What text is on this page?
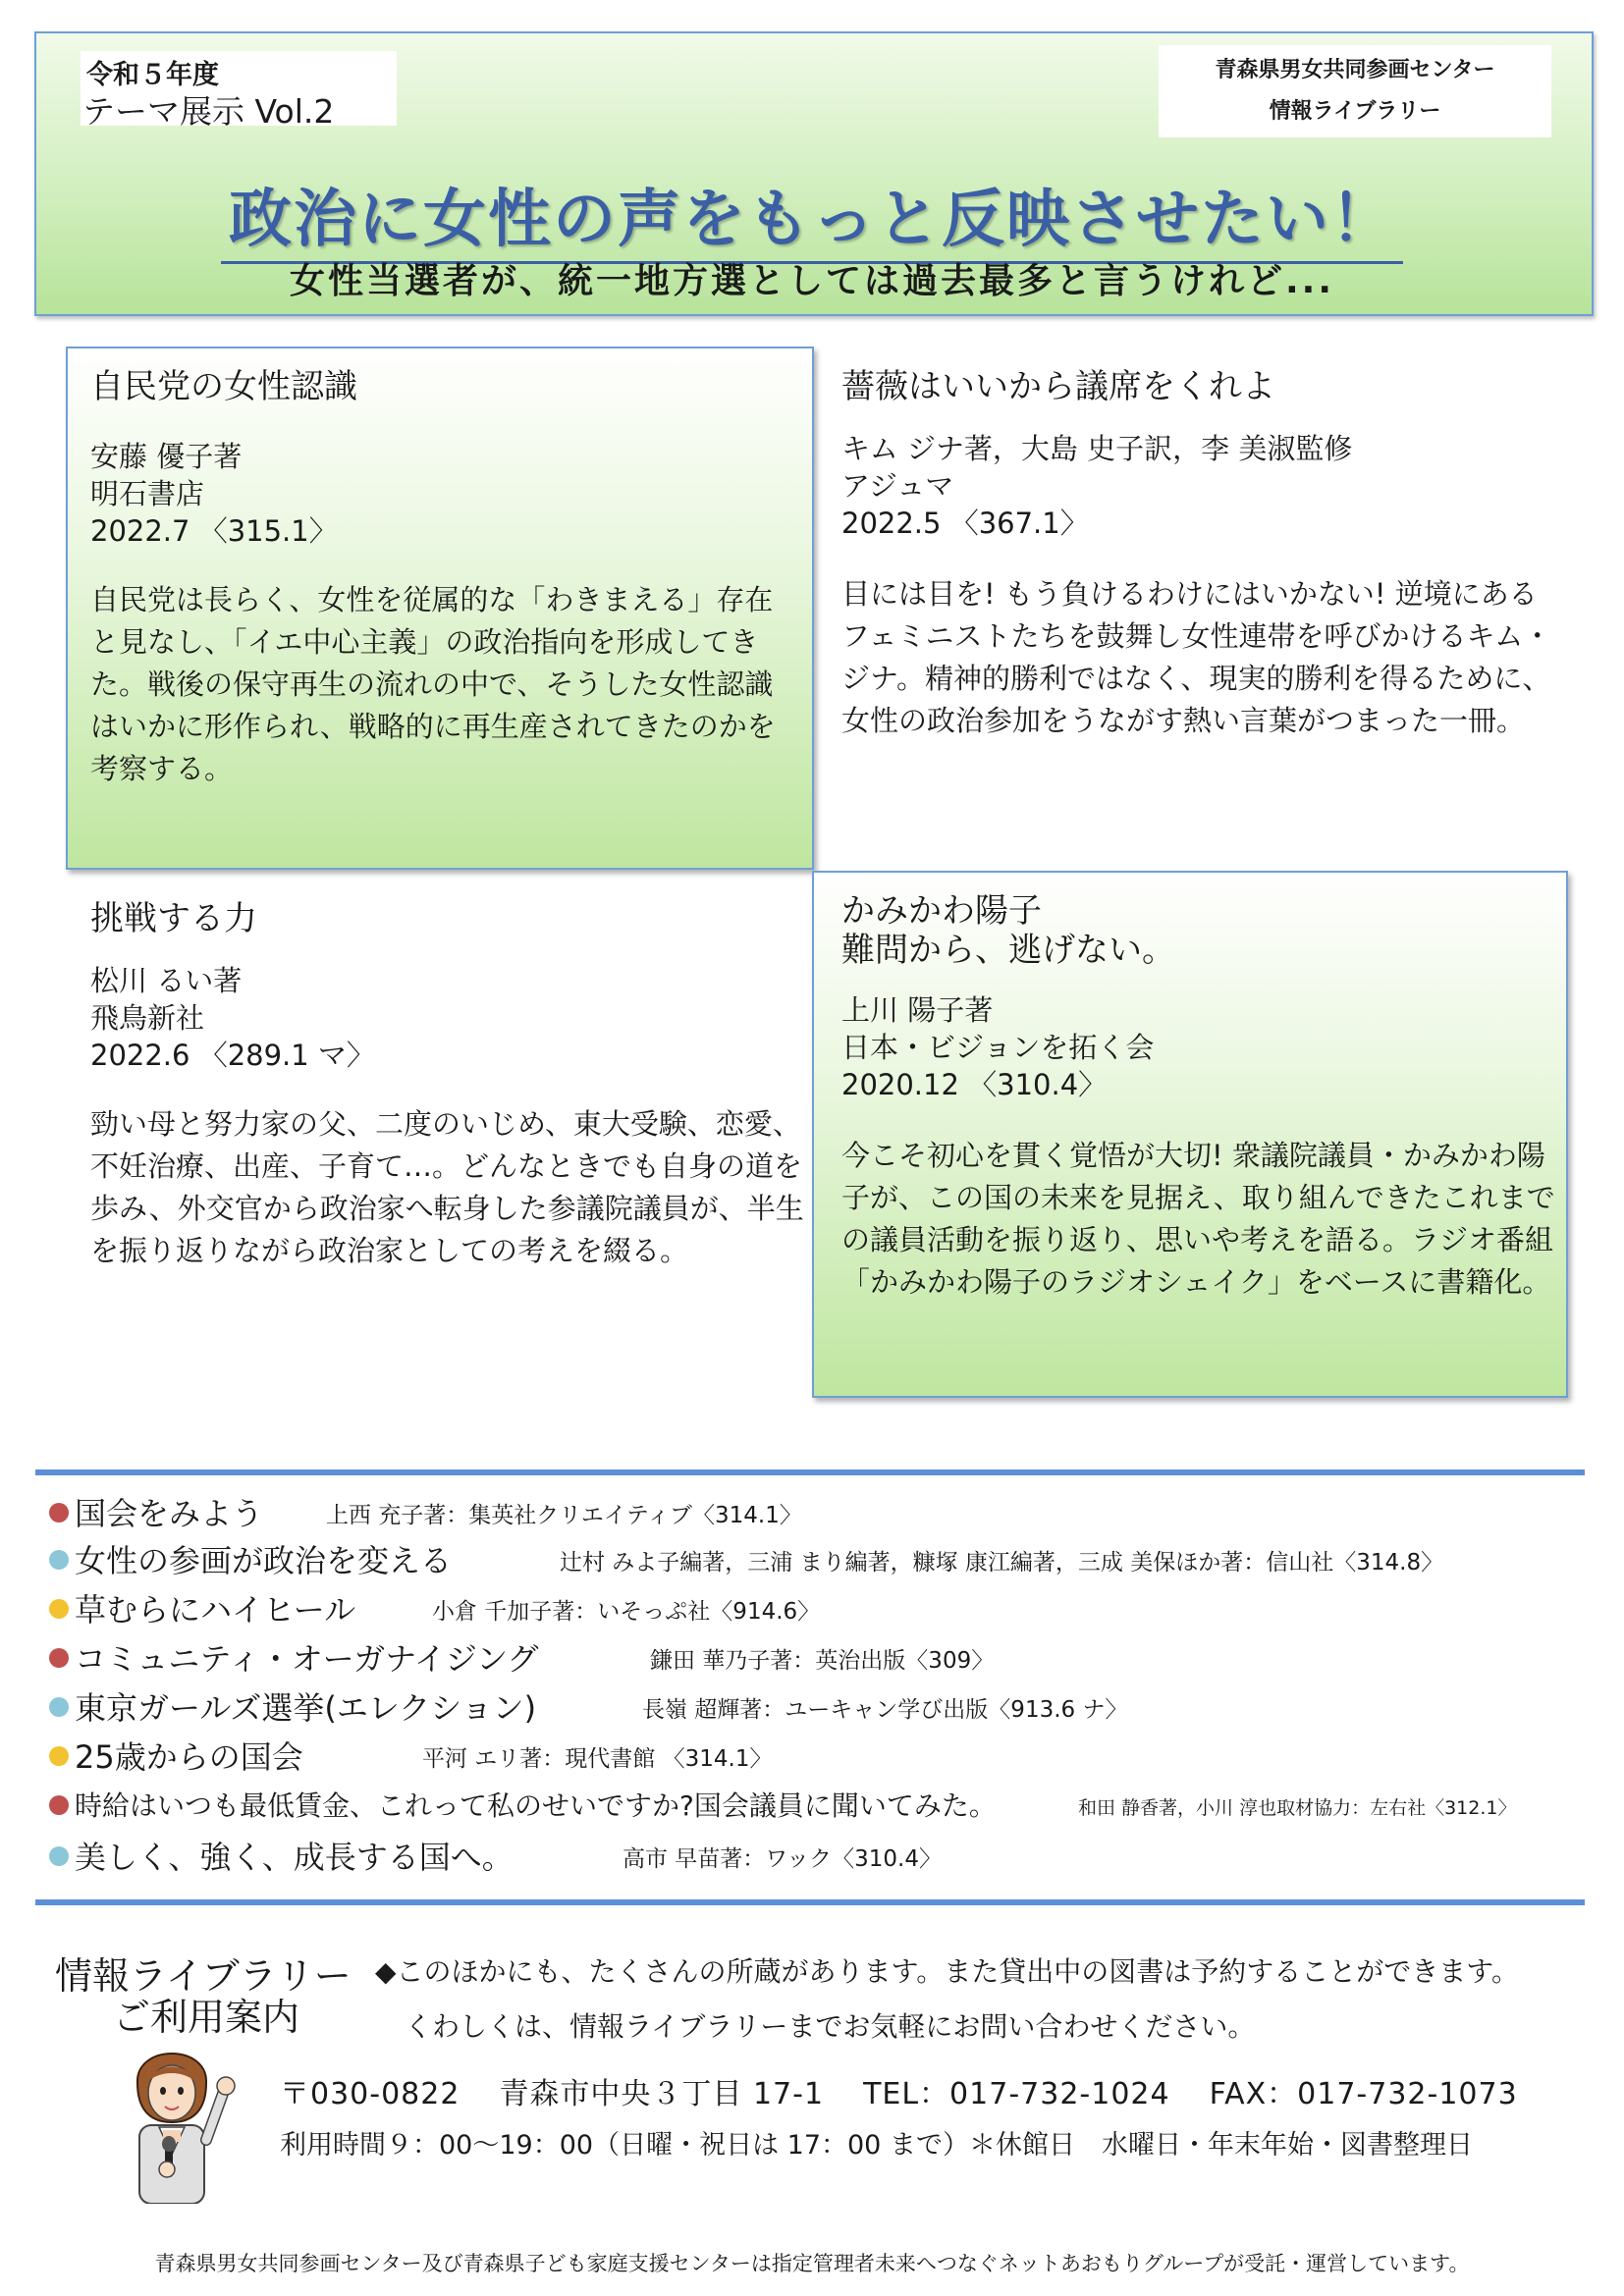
令和５年度
テーマ展示 Vol.2
青森県男女共同参画センター
情報ライブラリー
政治に女性の声をもっと反映させたい！
女性当選者が、統一地方選としては過去最多と言うけれど...
自民党の女性認識
安藤 優子著
明石書店
2022.7 〈315.1〉
自民党は長らく、女性を従属的な「わきまえる」存在と見なし、「イエ中心主義」の政治指向を形成してきた。戦後の保守再生の流れの中で、そうした女性認識はいかに形作られ、戦略的に再生産されてきたのかを考察する。
薔薇はいいから議席をくれよ
キム ジナ著，大島 史子訳，李 美淑監修
アジュマ
2022.5 〈367.1〉
目には目を! もう負けるわけにはいかない! 逆境にあるフェミニストたちを鼓舞し女性連帯を呼びかけるキム・ジナ。精神的勝利ではなく、現実的勝利を得るために、女性の政治参加をうながす熱い言葉がつまった一冊。
挑戦する力
松川 るい著
飛鳥新社
2022.6 〈289.1 マ〉
勁い母と努力家の父、二度のいじめ、東大受験、恋愛、不妊治療、出産、子育て…。どんなときでも自身の道を歩み、外交官から政治家へ転身した参議院議員が、半生を振り返りながら政治家としての考えを綴る。
かみかわ陽子
難問から、逃げない。
上川 陽子著
日本・ビジョンを拓く会
2020.12 〈310.4〉
今こそ初心を貫く覚悟が大切! 衆議院議員・かみかわ陽子が、この国の未来を見据え、取り組んできたこれまでの議員活動を振り返り、思いや考えを語る。ラジオ番組「かみかわ陽子のラジオシェイク」をベースに書籍化。
国会をみよう	上西 充子著：集英社クリエイティブ〈314.1〉
女性の参画が政治を変える	辻村 みよ子編著，三浦 まり編著，糠塚 康江編著，三成 美保ほか著：信山社〈314.8〉
草むらにハイヒール	小倉 千加子著：いそっぷ社〈914.6〉
コミュニティ・オーガナイジング	鎌田 華乃子著：英治出版〈309〉
東京ガールズ選挙(エレクション)	長嶺 超輝著：ユーキャン学び出版〈913.6 ナ〉
25歳からの国会	平河 エリ著：現代書館 〈314.1〉
時給はいつも最低賃金、これって私のせいですか?国会議員に聞いてみた。	和田 静香著，小川 淳也取材協力：左右社〈312.1〉
美しく、強く、成長する国へ。	高市 早苗著：ワック〈310.4〉
情報ライブラリー
ご利用案内
◆このほかにも、たくさんの所蔵があります。また貸出中の図書は予約することができます。
くわしくは、情報ライブラリーまでお気軽にお問い合わせください。
〒030-0822 青森市中央３丁目 17-1 TEL：017-732-1024 FAX：017-732-1073
利用時間９：00～19：00（日曜・祝日は 17：00 まで）＊休館日　水曜日・年末年始・図書整理日
青森県男女共同参画センター及び青森県子ども家庭支援センターは指定管理者未来へつなぐネットあおもりグループが受託・運営しています。
